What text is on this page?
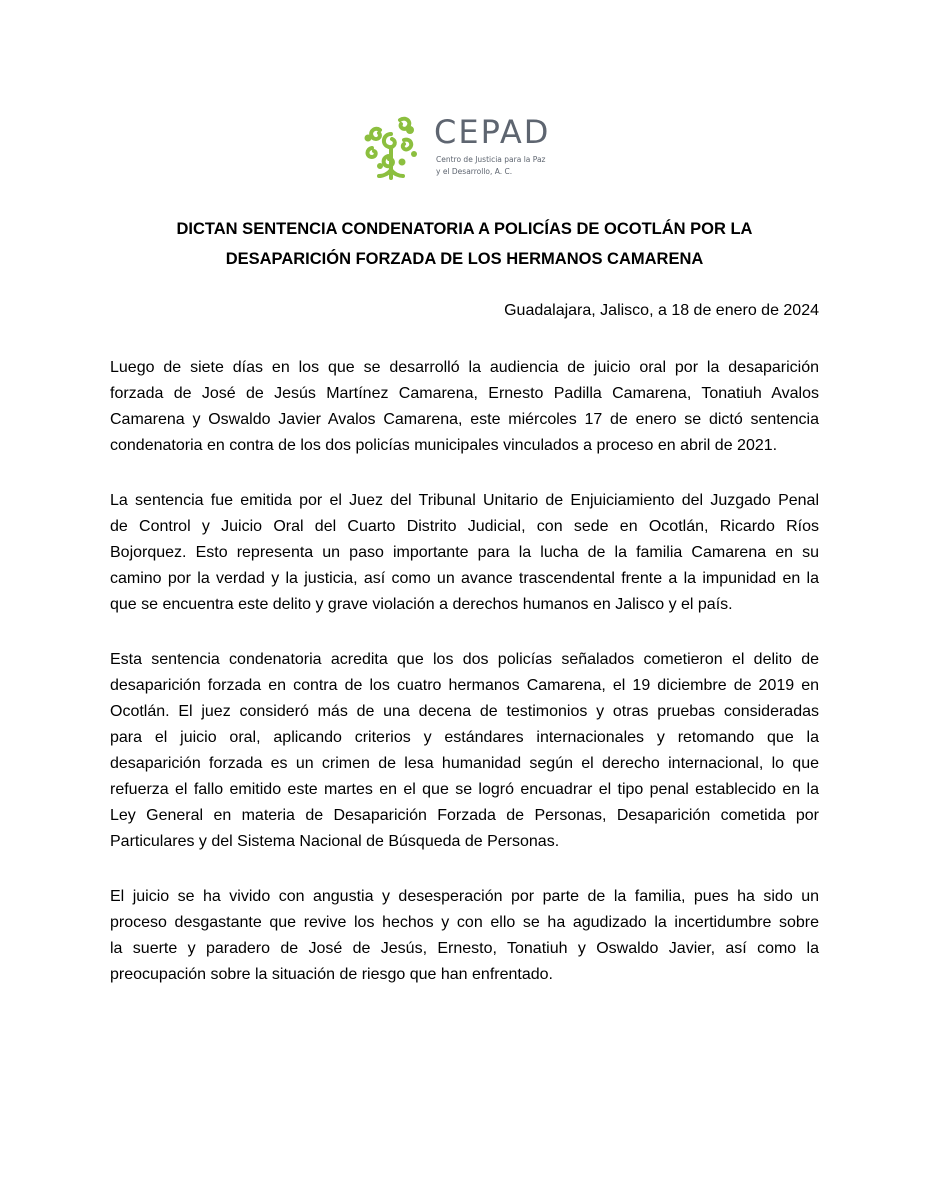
CEPAD
Centro de Justicia para la Paz
y el Desarrollo, A. C.
DICTAN SENTENCIA CONDENATORIA A POLICÍAS DE OCOTLÁN POR LA
DESAPARICIÓN FORZADA DE LOS HERMANOS CAMARENA
Guadalajara, Jalisco, a 18 de enero de 2024
Luego de siete días en los que se desarrolló la audiencia de juicio oral por la desaparición
forzada de José de Jesús Martínez Camarena, Ernesto Padilla Camarena, Tonatiuh Avalos
Camarena y Oswaldo Javier Avalos Camarena, este miércoles 17 de enero se dictó sentencia
condenatoria en contra de los dos policías municipales vinculados a proceso en abril de 2021.
La sentencia fue emitida por el Juez del Tribunal Unitario de Enjuiciamiento del Juzgado Penal
de Control y Juicio Oral del Cuarto Distrito Judicial, con sede en Ocotlán, Ricardo Ríos
Bojorquez. Esto representa un paso importante para la lucha de la familia Camarena en su
camino por la verdad y la justicia, así como un avance trascendental frente a la impunidad en la
que se encuentra este delito y grave violación a derechos humanos en Jalisco y el país.
Esta sentencia condenatoria acredita que los dos policías señalados cometieron el delito de
desaparición forzada en contra de los cuatro hermanos Camarena, el 19 diciembre de 2019 en
Ocotlán. El juez consideró más de una decena de testimonios y otras pruebas consideradas
para el juicio oral, aplicando criterios y estándares internacionales y retomando que la
desaparición forzada es un crimen de lesa humanidad según el derecho internacional, lo que
refuerza el fallo emitido este martes en el que se logró encuadrar el tipo penal establecido en la
Ley General en materia de Desaparición Forzada de Personas, Desaparición cometida por
Particulares y del Sistema Nacional de Búsqueda de Personas.
El juicio se ha vivido con angustia y desesperación por parte de la familia, pues ha sido un
proceso desgastante que revive los hechos y con ello se ha agudizado la incertidumbre sobre
la suerte y paradero de José de Jesús, Ernesto, Tonatiuh y Oswaldo Javier, así como la
preocupación sobre la situación de riesgo que han enfrentado.
